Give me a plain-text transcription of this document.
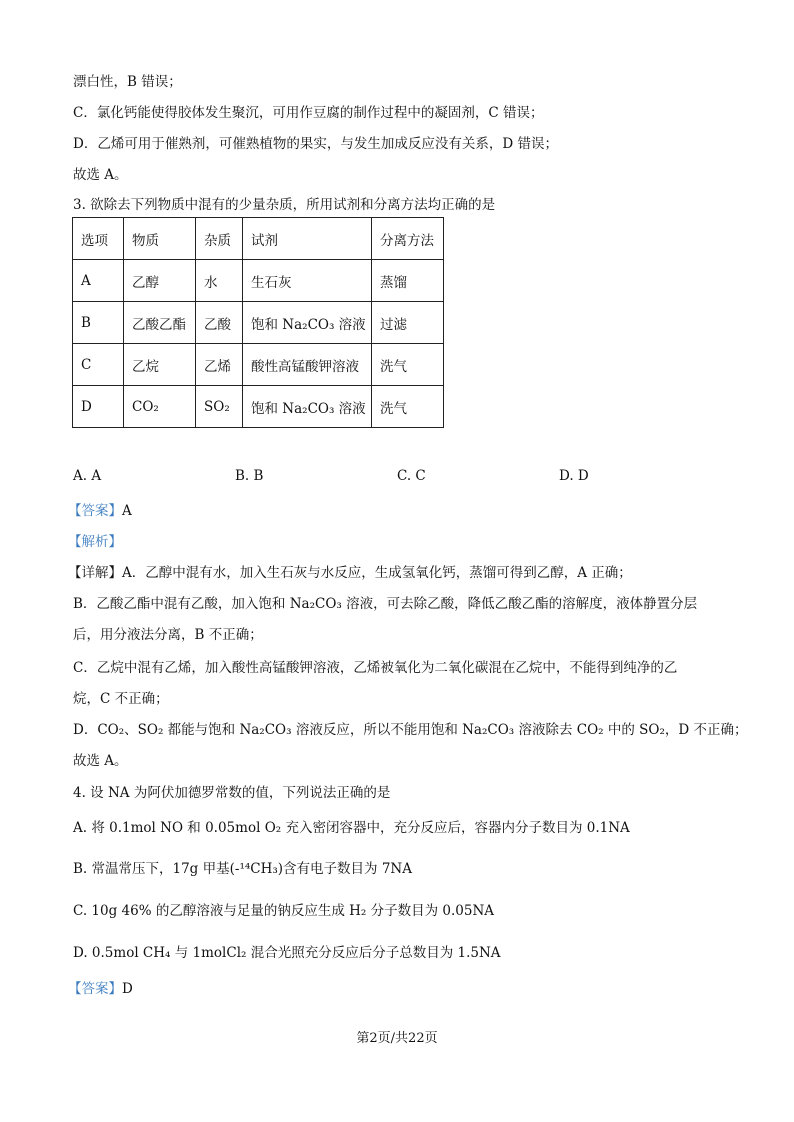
漂白性，B 错误；
C．氯化钙能使得胶体发生聚沉，可用作豆腐的制作过程中的凝固剂，C 错误；
D．乙烯可用于催熟剂，可催熟植物的果实，与发生加成反应没有关系，D 错误；
故选 A。
3. 欲除去下列物质中混有的少量杂质，所用试剂和分离方法均正确的是
选项	物质	杂质	试剂	分离方法
A	乙醇	水	生石灰	蒸馏
B	乙酸乙酯	乙酸	饱和 Na₂CO₃ 溶液	过滤
C	乙烷	乙烯	酸性高锰酸钾溶液	洗气
D	CO₂	SO₂	饱和 Na₂CO₃ 溶液	洗气
A. A	B. B	C. C	D. D
【答案】A
【解析】
【详解】A．乙醇中混有水，加入生石灰与水反应，生成氢氧化钙，蒸馏可得到乙醇，A 正确；
B．乙酸乙酯中混有乙酸，加入饱和 Na₂CO₃ 溶液，可去除乙酸，降低乙酸乙酯的溶解度，液体静置分层
后，用分液法分离，B 不正确；
C．乙烷中混有乙烯，加入酸性高锰酸钾溶液，乙烯被氧化为二氧化碳混在乙烷中，不能得到纯净的乙
烷，C 不正确；
D．CO₂、SO₂ 都能与饱和 Na₂CO₃ 溶液反应，所以不能用饱和 Na₂CO₃ 溶液除去 CO₂ 中的 SO₂，D 不正确；
故选 A。
4. 设 NA 为阿伏加德罗常数的值，下列说法正确的是
A. 将 0.1mol NO 和 0.05mol O₂ 充入密闭容器中，充分反应后，容器内分子数目为 0.1NA
B. 常温常压下，17g 甲基(-¹⁴CH₃)含有电子数目为 7NA
C. 10g 46% 的乙醇溶液与足量的钠反应生成 H₂ 分子数目为 0.05NA
D. 0.5mol CH₄ 与 1molCl₂ 混合光照充分反应后分子总数目为 1.5NA
【答案】D
第2页/共22页
